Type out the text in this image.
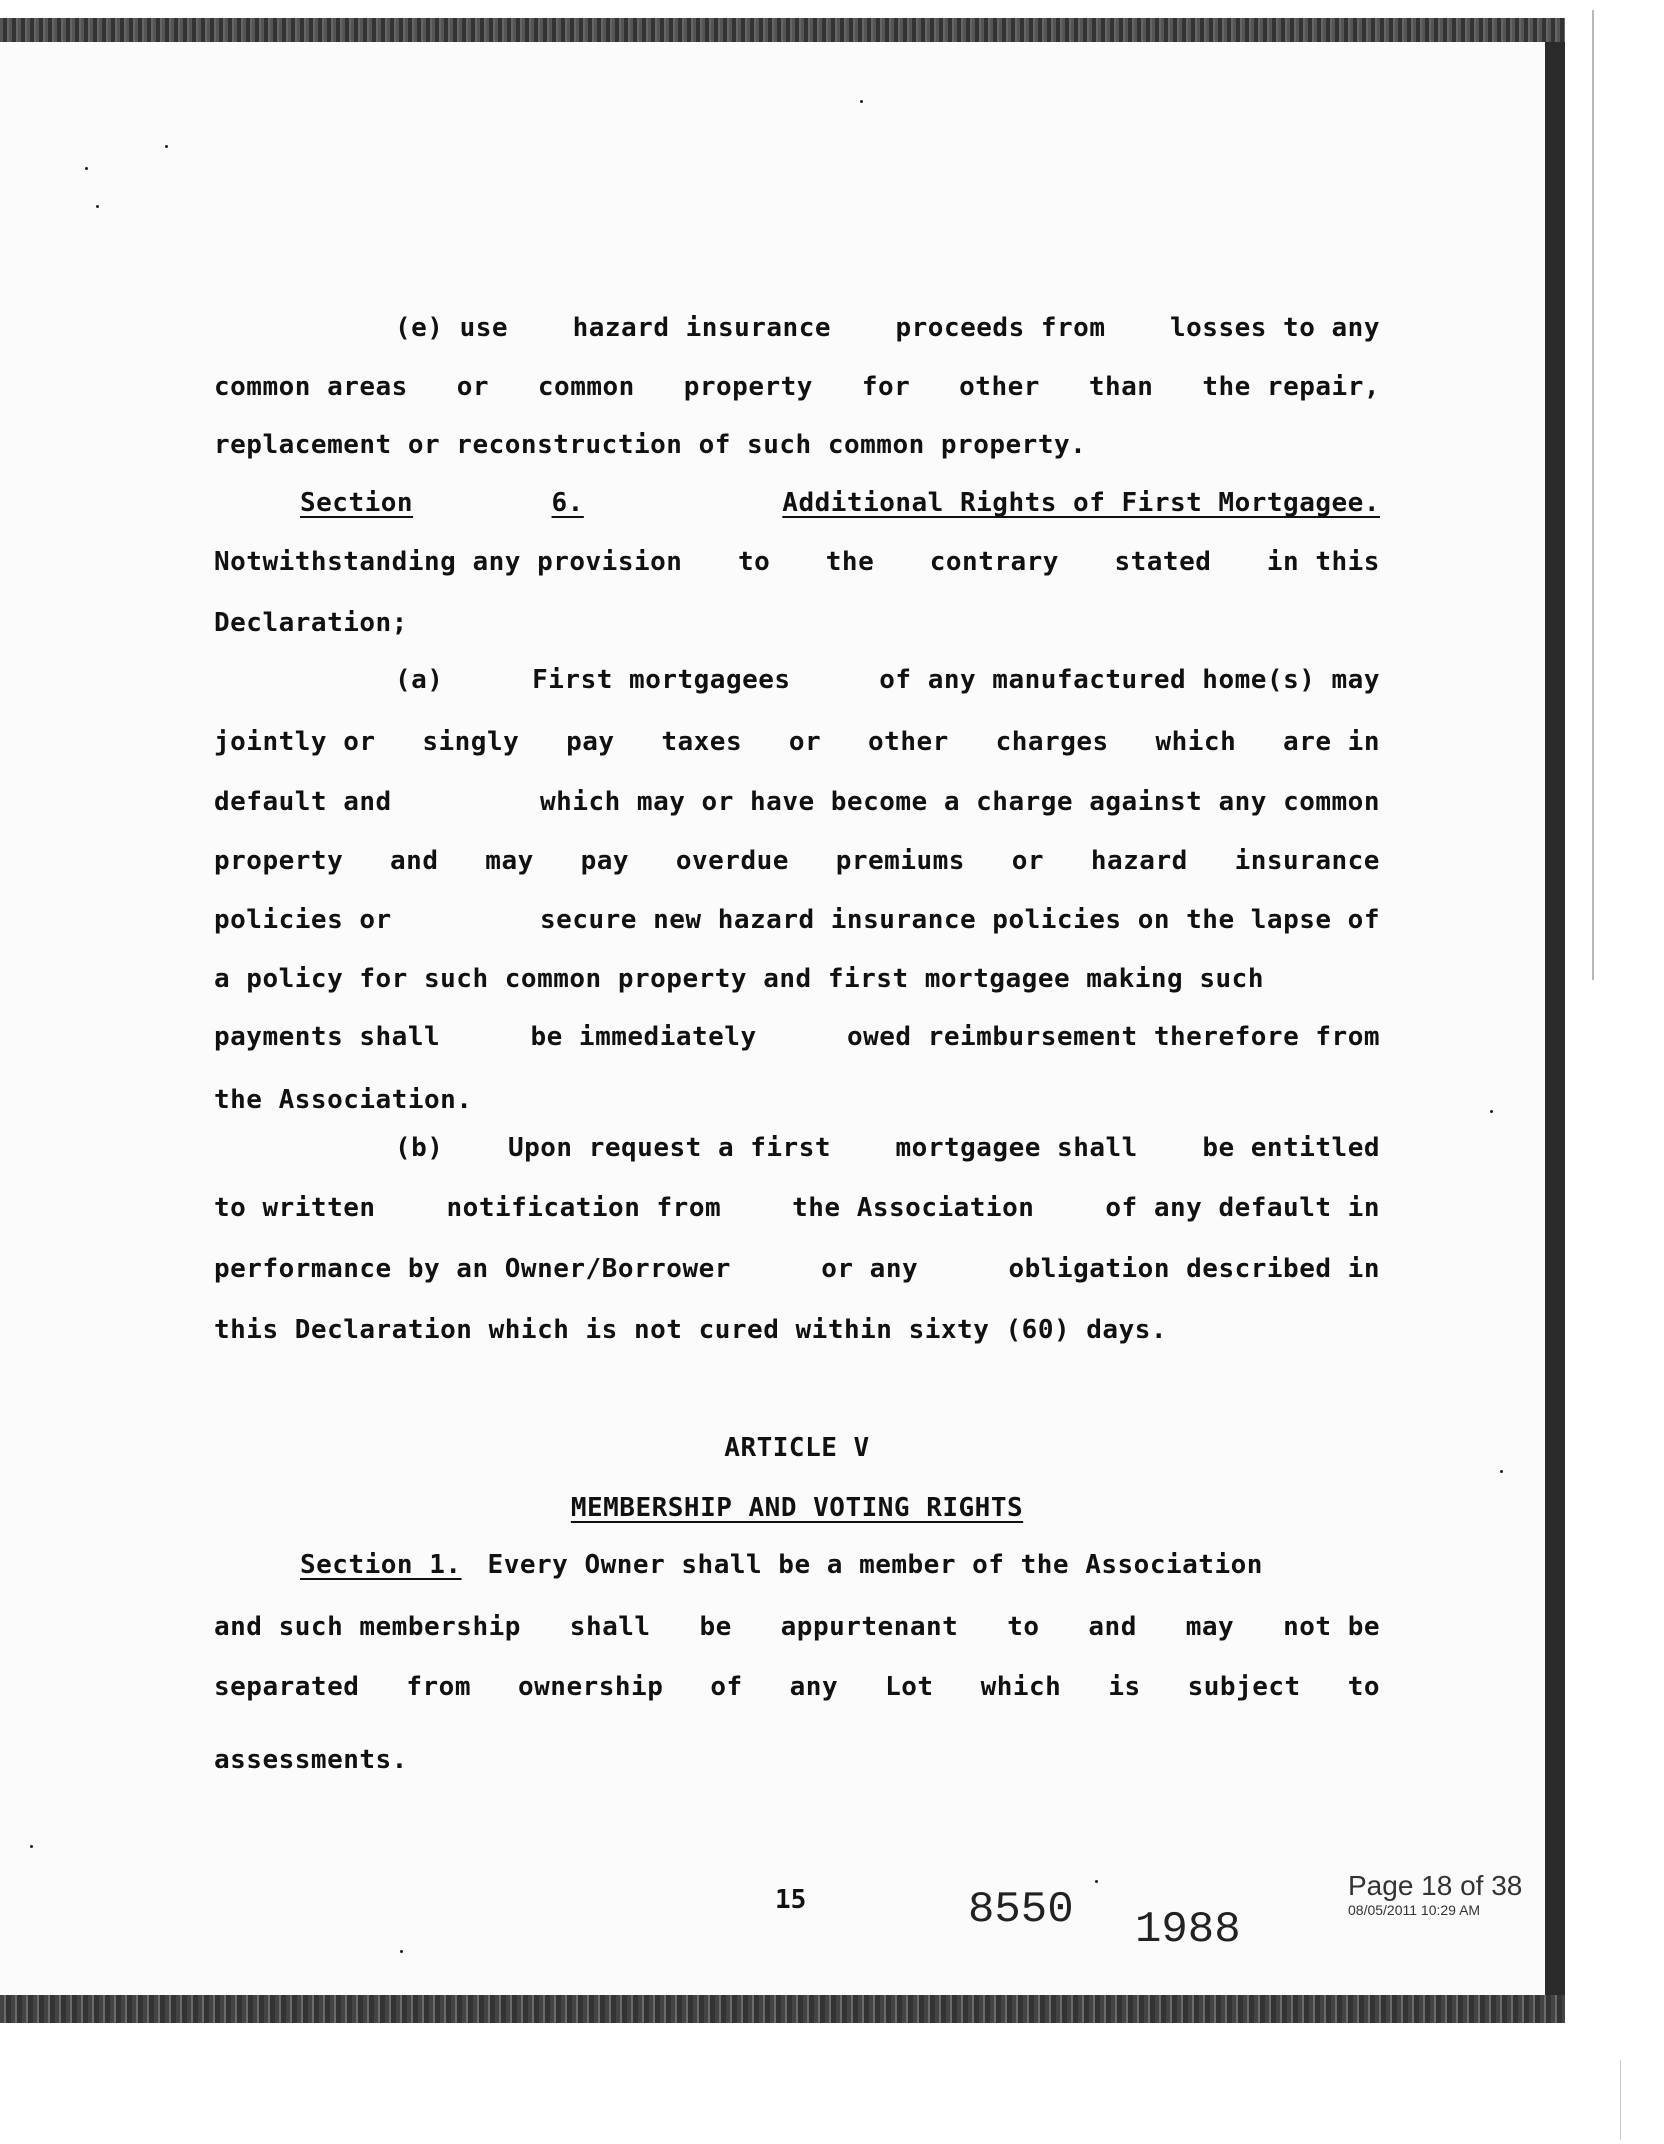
(e) use hazard insurance proceeds from losses to any
common areas or common property for other than the repair,
replacement or reconstruction of such common property.
Section	6.	Additional Rights of First Mortgagee.
Notwithstanding any provision to the contrary stated in this
Declaration;
(a)	First mortgagees	of any manufactured home(s) may
jointly or singly pay taxes or other charges which are in
default and	which may or have become a charge against any common
property and may pay overdue premiums or hazard insurance
policies or	secure new hazard insurance policies on the lapse of
a policy for such common property and first mortgagee making such
payments shall	be immediately	owed reimbursement therefore from
the Association.
(b) Upon request a first mortgagee shall be entitled
to written	notification from	the Association	of any default in
performance by an Owner/Borrower	or any	obligation described in
this Declaration which is not cured within sixty (60) days.
ARTICLE V
MEMBERSHIP AND VOTING RIGHTS
Section 1. Every Owner shall be a member of the Association
and such membership shall be appurtenant to and may not be
separated from ownership of any Lot which is subject to
assessments.
15	8550 1988
Page 18 of 38
08/05/2011 10:29 AM
